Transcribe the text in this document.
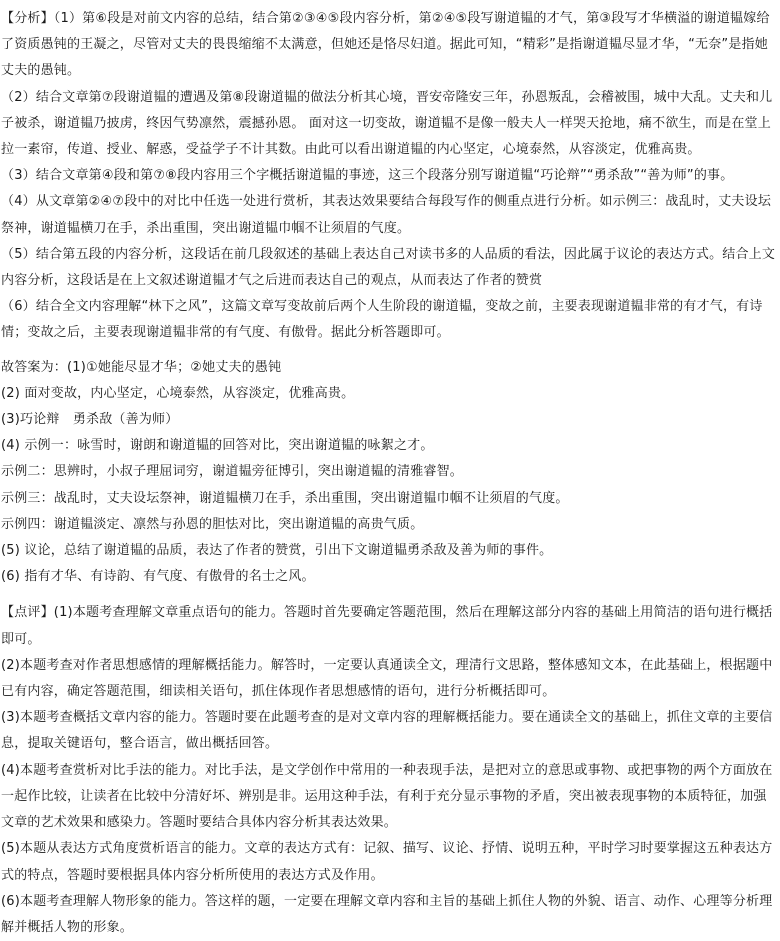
【分析】（1）第⑥段是对前文内容的总结，结合第②③④⑤段内容分析，第②④⑤段写谢道韫的才气，第③段写才华横溢的谢道韫嫁给了资质愚钝的王凝之，尽管对丈夫的畏畏缩缩不太满意，但她还是恪尽妇道。据此可知，“精彩”是指谢道韫尽显才华，“无奈”是指她丈夫的愚钝。

（2）结合文章第⑦段谢道韫的遭遇及第⑧段谢道韫的做法分析其心境，晋安帝隆安三年，孙恩叛乱，会稽被围，城中大乱。丈夫和儿子被杀，谢道韫乃披虏，终因气势凛然，震撼孙恩。 面对这一切变故，谢道韫不是像一般夫人一样哭天抢地，痛不欲生，而是在堂上拉一素帘，传道、授业、解惑，受益学子不计其数。由此可以看出谢道韫的内心坚定，心境泰然，从容淡定，优雅高贵。

（3）结合文章第④段和第⑦⑧段内容用三个字概括谢道韫的事迹，这三个段落分别写谢道韫“巧论辩”“勇杀敌”“善为师”的事。

（4）从文章第②④⑦段中的对比中任选一处进行赏析，其表达效果要结合每段写作的侧重点进行分析。如示例三：战乱时，丈夫设坛祭神，谢道韫横刀在手，杀出重围，突出谢道韫巾帼不让须眉的气度。

（5）结合第五段的内容分析，这段话在前几段叙述的基础上表达自己对读书多的人品质的看法，因此属于议论的表达方式。结合上文内容分析，这段话是在上文叙述谢道韫才气之后进而表达自己的观点，从而表达了作者的赞赏

（6）结合全文内容理解“林下之风”，这篇文章写变故前后两个人生阶段的谢道韫，变故之前，主要表现谢道韫非常的有才气，有诗情；变故之后，主要表现谢道韫非常的有气度、有傲骨。据此分析答题即可。

故答案为：(1)①她能尽显才华；②她丈夫的愚钝

(2) 面对变故，内心坚定，心境泰然，从容淡定，优雅高贵。

(3)巧论辩　勇杀敌（善为师）

(4) 示例一：咏雪时，谢朗和谢道韫的回答对比，突出谢道韫的咏絮之才。

示例二：思辨时，小叔子理屈词穷，谢道韫旁征博引，突出谢道韫的清雅睿智。

示例三：战乱时，丈夫设坛祭神，谢道韫横刀在手，杀出重围，突出谢道韫巾帼不让须眉的气度。

示例四：谢道韫淡定、凛然与孙恩的胆怯对比，突出谢道韫的高贵气质。

(5) 议论，总结了谢道韫的品质，表达了作者的赞赏，引出下文谢道韫勇杀敌及善为师的事件。

(6) 指有才华、有诗韵、有气度、有傲骨的名士之风。

【点评】(1)本题考查理解文章重点语句的能力。答题时首先要确定答题范围，然后在理解这部分内容的基础上用简洁的语句进行概括即可。

(2)本题考查对作者思想感情的理解概括能力。解答时，一定要认真通读全文，理清行文思路，整体感知文本，在此基础上，根据题中已有内容，确定答题范围，细读相关语句，抓住体现作者思想感情的语句，进行分析概括即可。

(3)本题考查概括文章内容的能力。答题时要在此题考查的是对文章内容的理解概括能力。要在通读全文的基础上，抓住文章的主要信息，提取关键语句，整合语言，做出概括回答。

(4)本题考查赏析对比手法的能力。对比手法，是文学创作中常用的一种表现手法，是把对立的意思或事物、或把事物的两个方面放在一起作比较，让读者在比较中分清好坏、辨别是非。运用这种手法，有利于充分显示事物的矛盾，突出被表现事物的本质特征，加强文章的艺术效果和感染力。答题时要结合具体内容分析其表达效果。

(5)本题从表达方式角度赏析语言的能力。文章的表达方式有：记叙、描写、议论、抒情、说明五种，平时学习时要掌握这五种表达方式的特点，答题时要根据具体内容分析所使用的表达方式及作用。

(6)本题考查理解人物形象的能力。答这样的题，一定要在理解文章内容和主旨的基础上抓住人物的外貌、语言、动作、心理等分析理解并概括人物的形象。
